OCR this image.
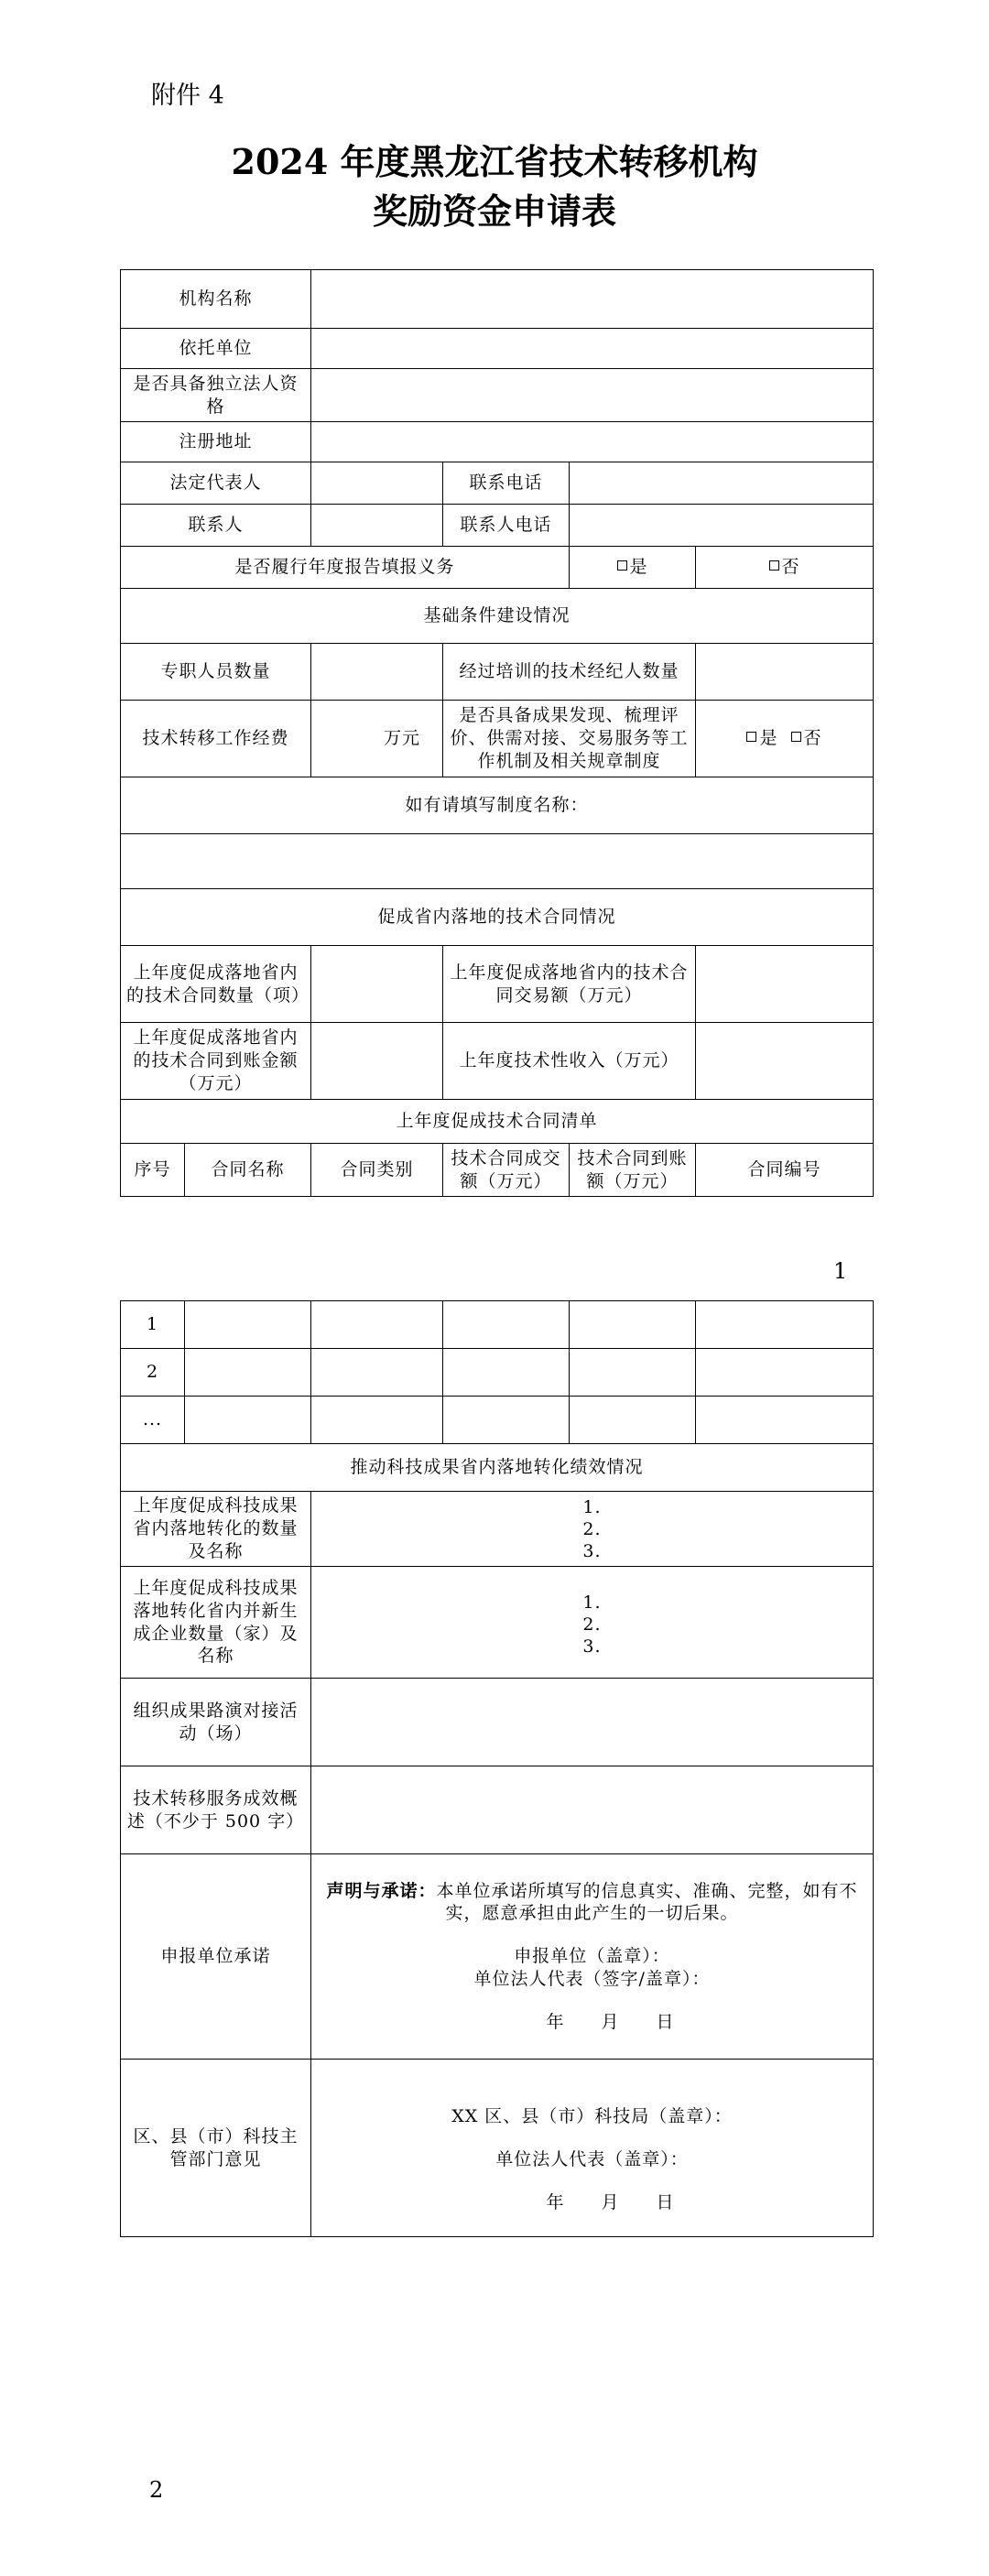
附件 4
2024 年度黑龙江省技术转移机构
奖励资金申请表
机构名称					
依托单位					
是否具备独立法人资格					
注册地址					
法定代表人			联系电话		
联系人			联系人电话		
是否履行年度报告填报义务				是	否
基础条件建设情况					
专职人员数量			经过培训的技术经纪人数量		
技术转移工作经费		万元	是否具备成果发现、梳理评价、供需对接、交易服务等工作机制及相关规章制度		是 否
如有请填写制度名称：					

促成省内落地的技术合同情况					
上年度促成落地省内的技术合同数量（项）			上年度促成落地省内的技术合同交易额（万元）		
上年度促成落地省内的技术合同到账金额（万元）			上年度技术性收入（万元）		
上年度促成技术合同清单					
序号	合同名称	合同类别	技术合同成交额（万元）	技术合同到账额（万元）	合同编号
1
1					
2					
...					
推动科技成果省内落地转化绩效情况					
上年度促成科技成果省内落地转化的数量及名称		1.
2.
3.			

上年度促成科技成果落地转化省内并新生成企业数量（家）及名称		1.
2.
3.			

组织成果路演对接活动（场）					
技术转移服务成效概述（不少于 500 字）					
申报单位承诺		声明与承诺：本单位承诺所填写的信息真实、准确、完整，如有不实，愿意承担由此产生的一切后果。
申报单位（盖章）：
单位法人代表（签字/盖章）：
年　　月　　日			

区、县（市）科技主管部门意见		XX 区、县（市）科技局（盖章）：
单位法人代表（盖章）：
年　　月　　日			
2
